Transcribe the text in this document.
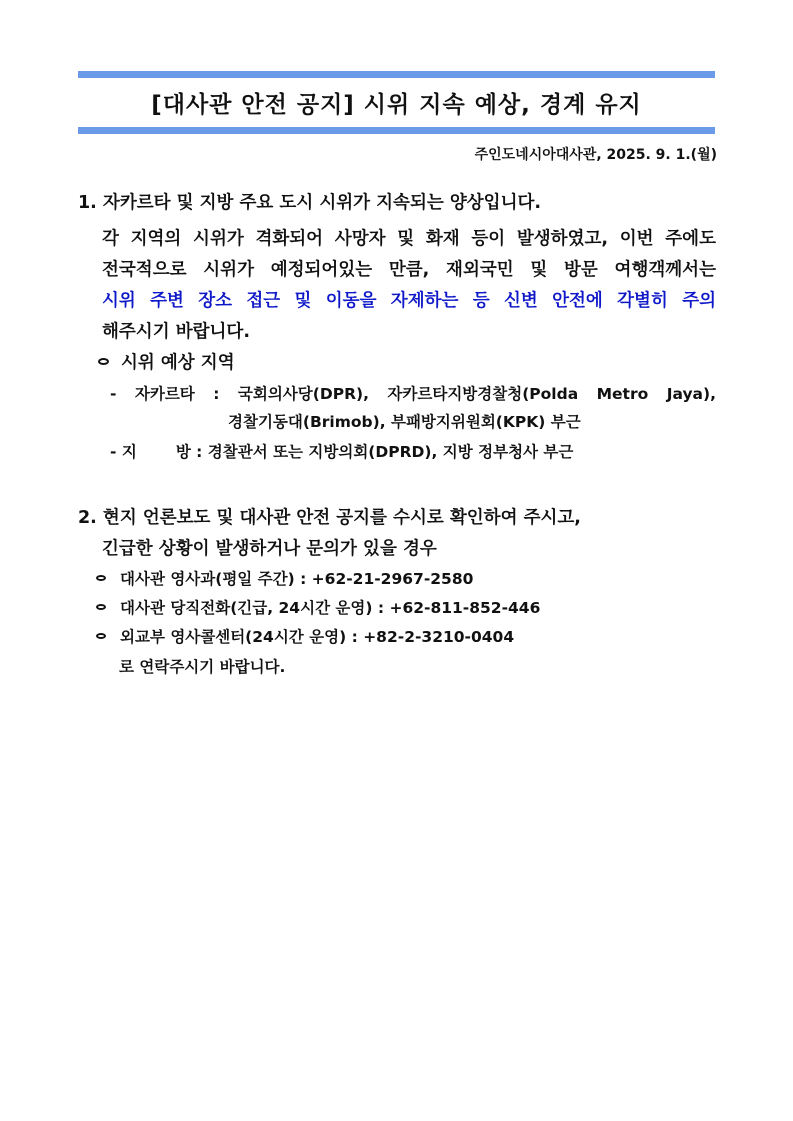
[대사관 안전 공지] 시위 지속 예상, 경계 유지
주인도네시아대사관, 2025. 9. 1.(월)
1. 자카르타 및 지방 주요 도시 시위가 지속되는 양상입니다.
각 지역의 시위가 격화되어 사망자 및 화재 등이 발생하였고, 이번 주에도
전국적으로 시위가 예정되어있는 만큼, 재외국민 및 방문 여행객께서는
시위 주변 장소 접근 및 이동을 자제하는 등 신변 안전에 각별히 주의
해주시기 바랍니다.
시위 예상 지역
- 자카르타 : 국회의사당(DPR), 자카르타지방경찰청(Polda Metro Jaya),
경찰기동대(Brimob), 부패방지위원회(KPK) 부근
- 지	방 : 경찰관서 또는 지방의회(DPRD), 지방 정부청사 부근
2. 현지 언론보도 및 대사관 안전 공지를 수시로 확인하여 주시고,
긴급한 상황이 발생하거나 문의가 있을 경우
대사관 영사과(평일 주간) : +62-21-2967-2580
대사관 당직전화(긴급, 24시간 운영) : +62-811-852-446
외교부 영사콜센터(24시간 운영) : +82-2-3210-0404
로 연락주시기 바랍니다.
